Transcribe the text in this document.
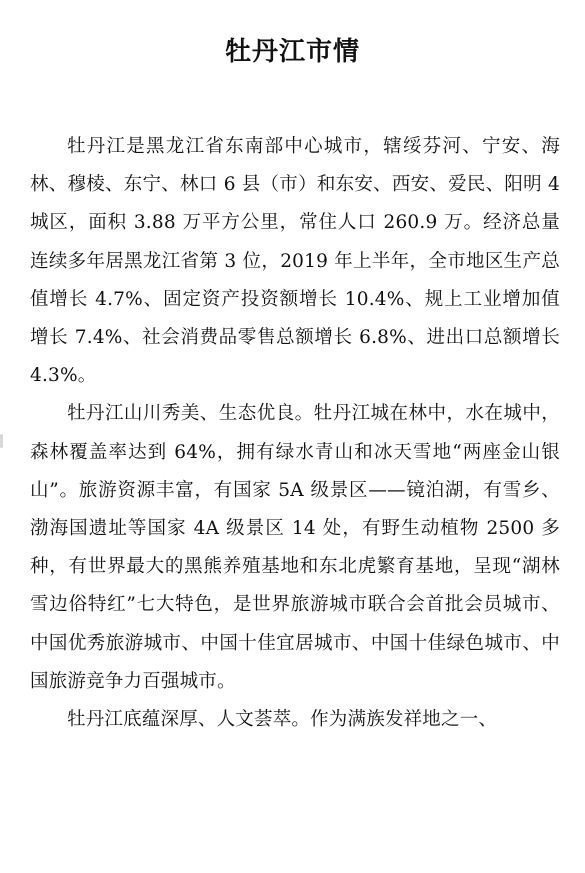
牡丹江市情

牡丹江是黑龙江省东南部中心城市，辖绥芬河、宁安、海林、穆棱、东宁、林口 6 县（市）和东安、西安、爱民、阳明 4 城区，面积 3.88 万平方公里，常住人口 260.9 万。经济总量连续多年居黑龙江省第 3 位，2019 年上半年，全市地区生产总值增长 4.7%、固定资产投资额增长 10.4%、规上工业增加值增长 7.4%、社会消费品零售总额增长 6.8%、进出口总额增长 4.3%。

牡丹江山川秀美、生态优良。牡丹江城在林中，水在城中，森林覆盖率达到 64%，拥有绿水青山和冰天雪地“两座金山银山”。旅游资源丰富，有国家 5A 级景区——镜泊湖，有雪乡、渤海国遗址等国家 4A 级景区 14 处，有野生动植物 2500 多种，有世界最大的黑熊养殖基地和东北虎繁育基地，呈现“湖林雪边俗特红”七大特色，是世界旅游城市联合会首批会员城市、中国优秀旅游城市、中国十佳宜居城市、中国十佳绿色城市、中国旅游竞争力百强城市。

牡丹江底蕴深厚、人文荟萃。作为满族发祥地之一、
